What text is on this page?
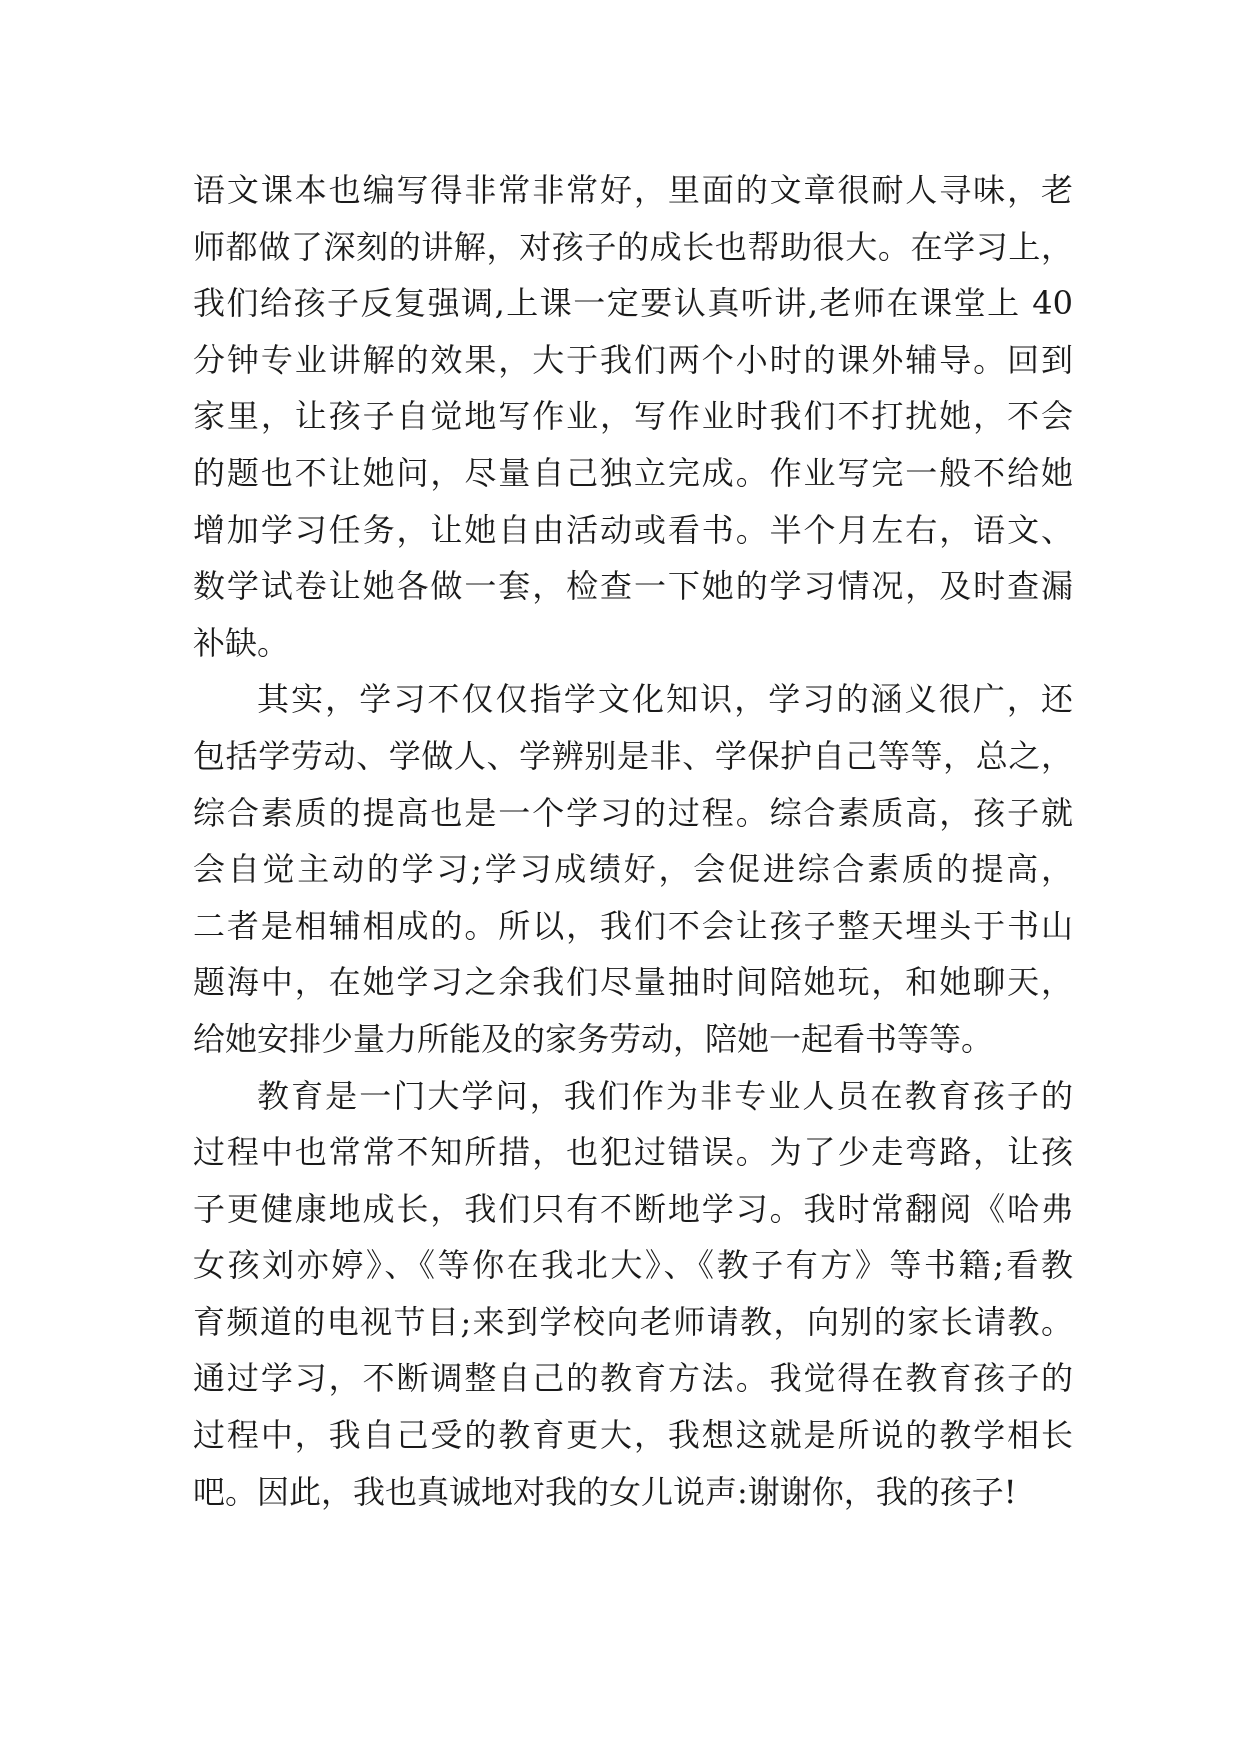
语文课本也编写得非常非常好，里面的文章很耐人寻味，老
师都做了深刻的讲解，对孩子的成长也帮助很大。在学习上，
我们给孩子反复强调,上课一定要认真听讲,老师在课堂上 40
分钟专业讲解的效果，大于我们两个小时的课外辅导。回到
家里，让孩子自觉地写作业，写作业时我们不打扰她，不会
的题也不让她问，尽量自己独立完成。作业写完一般不给她
增加学习任务，让她自由活动或看书。半个月左右，语文、
数学试卷让她各做一套，检查一下她的学习情况，及时查漏
补缺。
其实，学习不仅仅指学文化知识，学习的涵义很广，还
包括学劳动、学做人、学辨别是非、学保护自己等等，总之，
综合素质的提高也是一个学习的过程。综合素质高，孩子就
会自觉主动的学习;学习成绩好，会促进综合素质的提高，
二者是相辅相成的。所以，我们不会让孩子整天埋头于书山
题海中，在她学习之余我们尽量抽时间陪她玩，和她聊天，
给她安排少量力所能及的家务劳动，陪她一起看书等等。
教育是一门大学问，我们作为非专业人员在教育孩子的
过程中也常常不知所措，也犯过错误。为了少走弯路，让孩
子更健康地成长，我们只有不断地学习。我时常翻阅《哈弗
女孩刘亦婷》、《等你在我北大》、《教子有方》等书籍;看教
育频道的电视节目;来到学校向老师请教，向别的家长请教。
通过学习，不断调整自己的教育方法。我觉得在教育孩子的
过程中，我自己受的教育更大，我想这就是所说的教学相长
吧。因此，我也真诚地对我的女儿说声:谢谢你，我的孩子!
